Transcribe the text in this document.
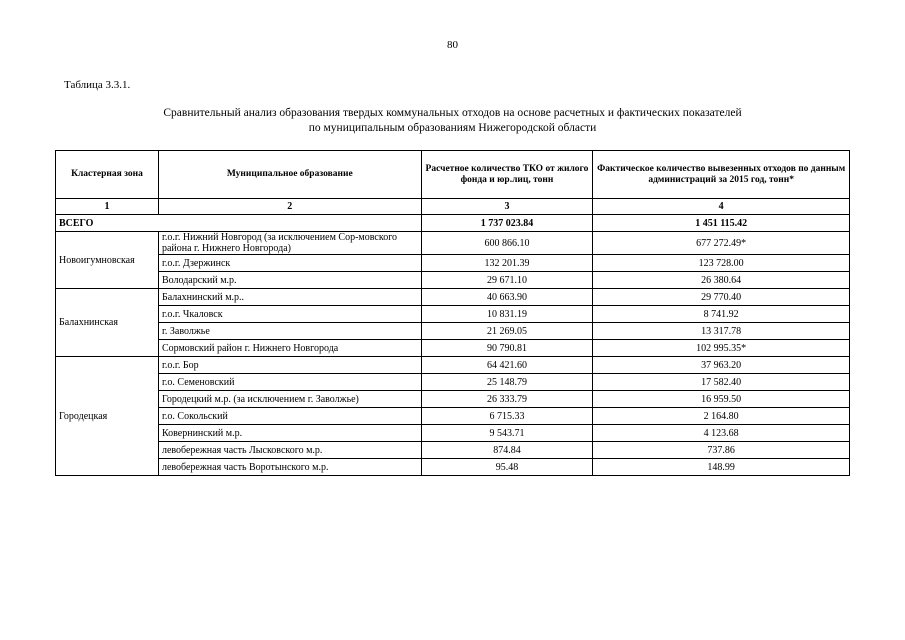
80
Таблица 3.3.1.
Сравнительный анализ образования твердых коммунальных отходов на основе расчетных и фактических показателей
по муниципальным образованиям Нижегородской области
Кластерная зона	Муниципальное образование	Расчетное количество ТКО от жилого фонда и юр.лиц, тонн	Фактическое количество вывезенных отходов по данным администраций за 2015 год, тонн*
1	2	3	4
ВСЕГО		1 737 023.84	1 451 115.42
Новоигумновская	г.о.г. Нижний Новгород (за исключением Сор-мовского района г. Нижнего Новгорода)	600 866.10	677 272.49*
	г.о.г. Дзержинск	132 201.39	123 728.00
	Володарский м.р.	29 671.10	26 380.64
Балахнинская	Балахнинский м.р..	40 663.90	29 770.40
	г.о.г. Чкаловск	10 831.19	8 741.92
	г. Заволжье	21 269.05	13 317.78
	Сормовский район г. Нижнего Новгорода	90 790.81	102 995.35*
Городецкая	г.о.г. Бор	64 421.60	37 963.20
	г.о. Семеновский	25 148.79	17 582.40
	Городецкий м.р. (за исключением г. Заволжье)	26 333.79	16 959.50
	г.о. Сокольский	6 715.33	2 164.80
	Ковернинский м.р.	9 543.71	4 123.68
	левобережная часть Лысковского м.р.	874.84	737.86
	левобережная часть Воротынского м.р.	95.48	148.99
